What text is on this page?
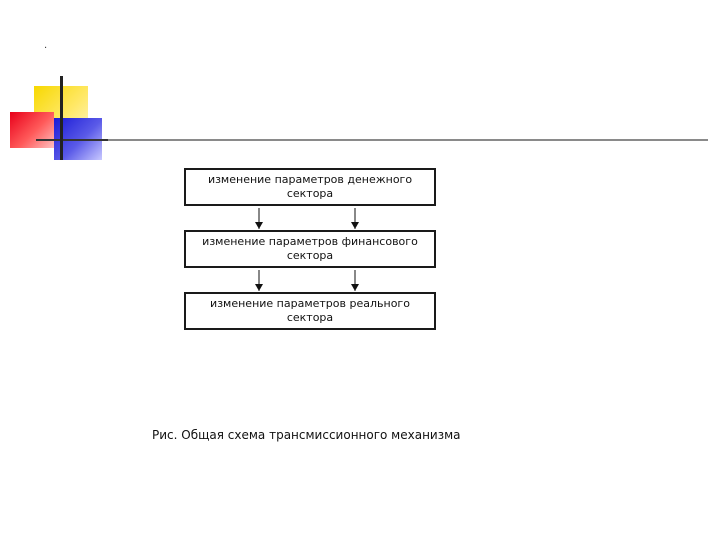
.
изменение параметров денежного сектора
изменение параметров финансового сектора
изменение параметров реального сектора
Рис. Общая схема трансмиссионного механизма
